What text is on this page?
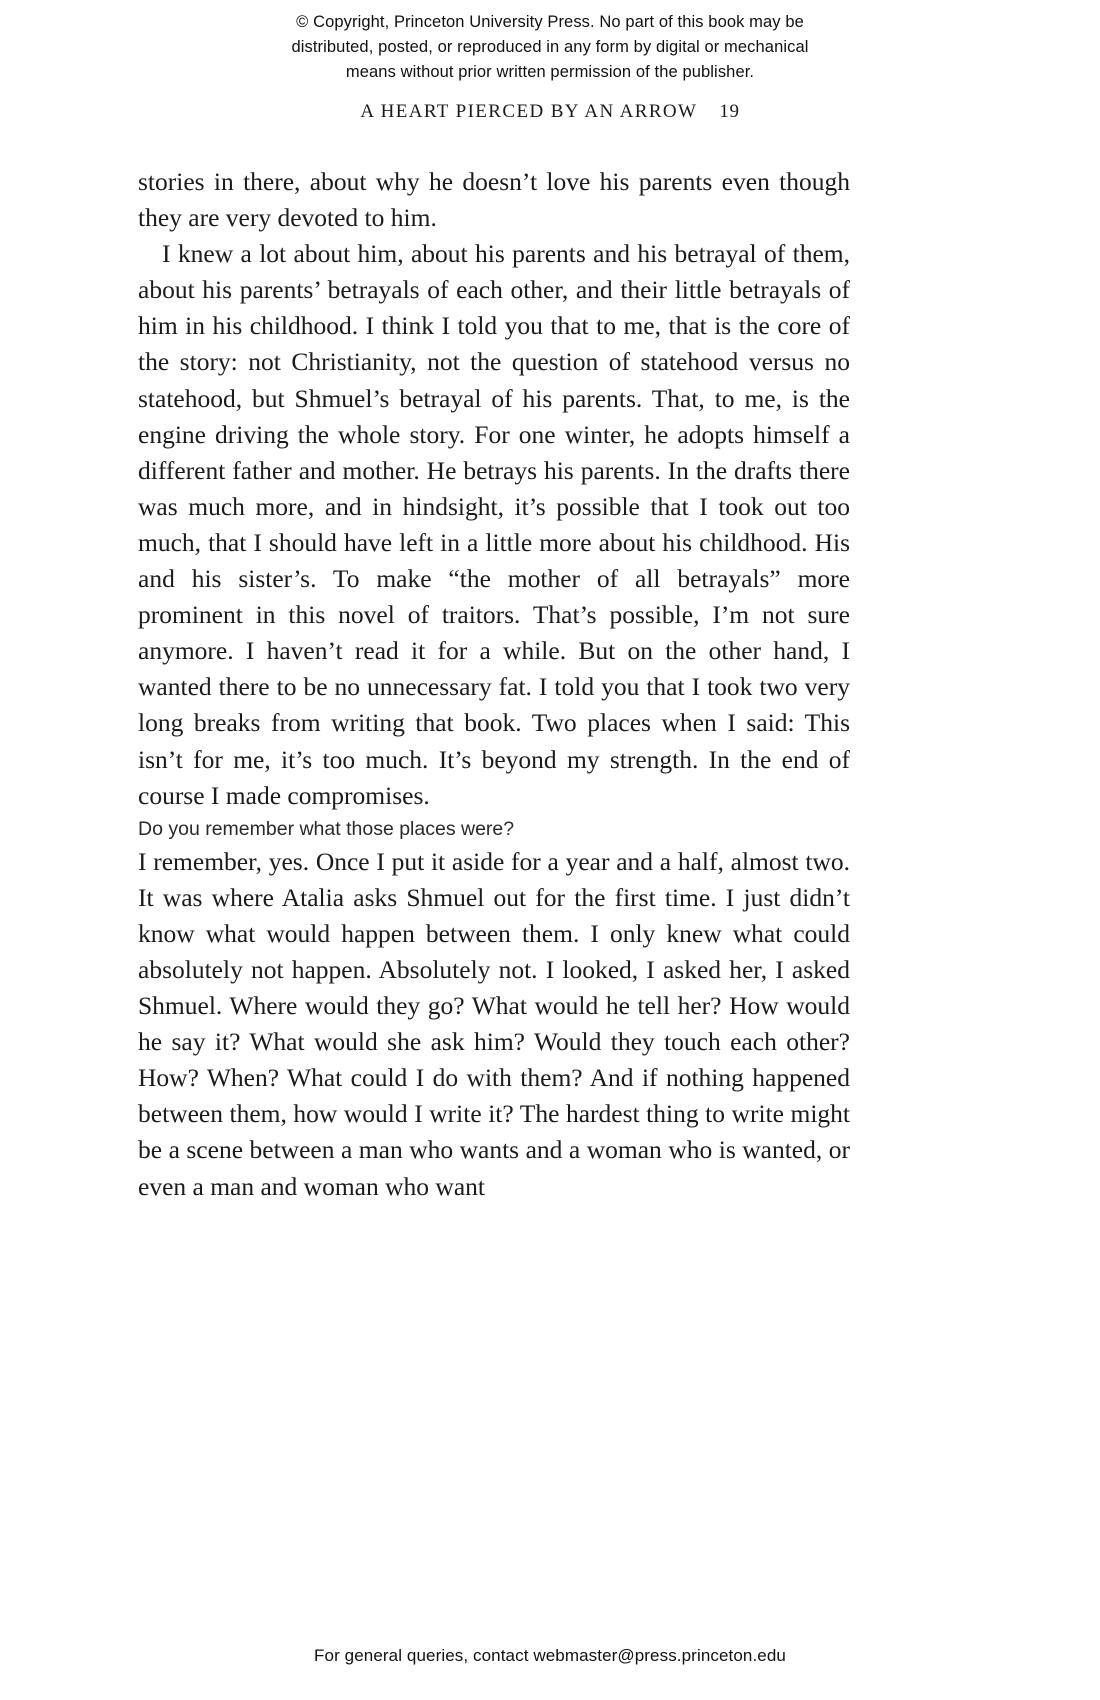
© Copyright, Princeton University Press. No part of this book may be
distributed, posted, or reproduced in any form by digital or mechanical
means without prior written permission of the publisher.
A HEART PIERCED BY AN ARROW 19

stories in there, about why he doesn’t love his parents even though they are very devoted to him.

I knew a lot about him, about his parents and his betrayal of them, about his parents’ betrayals of each other, and their little betrayals of him in his childhood. I think I told you that to me, that is the core of the story: not Christianity, not the question of statehood versus no statehood, but Shmuel’s betrayal of his parents. That, to me, is the engine driving the whole story. For one winter, he adopts himself a different father and mother. He betrays his parents. In the drafts there was much more, and in hindsight, it’s possible that I took out too much, that I should have left in a little more about his childhood. His and his sister’s. To make “the mother of all betrayals” more prominent in this novel of traitors. That’s possible, I’m not sure anymore. I haven’t read it for a while. But on the other hand, I wanted there to be no unnecessary fat. I told you that I took two very long breaks from writing that book. Two places when I said: This isn’t for me, it’s too much. It’s beyond my strength. In the end of course I made compromises.

Do you remember what those places were?

I remember, yes. Once I put it aside for a year and a half, almost two. It was where Atalia asks Shmuel out for the first time. I just didn’t know what would happen between them. I only knew what could absolutely not happen. Absolutely not. I looked, I asked her, I asked Shmuel. Where would they go? What would he tell her? How would he say it? What would she ask him? Would they touch each other? How? When? What could I do with them? And if nothing happened between them, how would I write it? The hardest thing to write might be a scene between a man who wants and a woman who is wanted, or even a man and woman who want

For general queries, contact webmaster@press.princeton.edu
